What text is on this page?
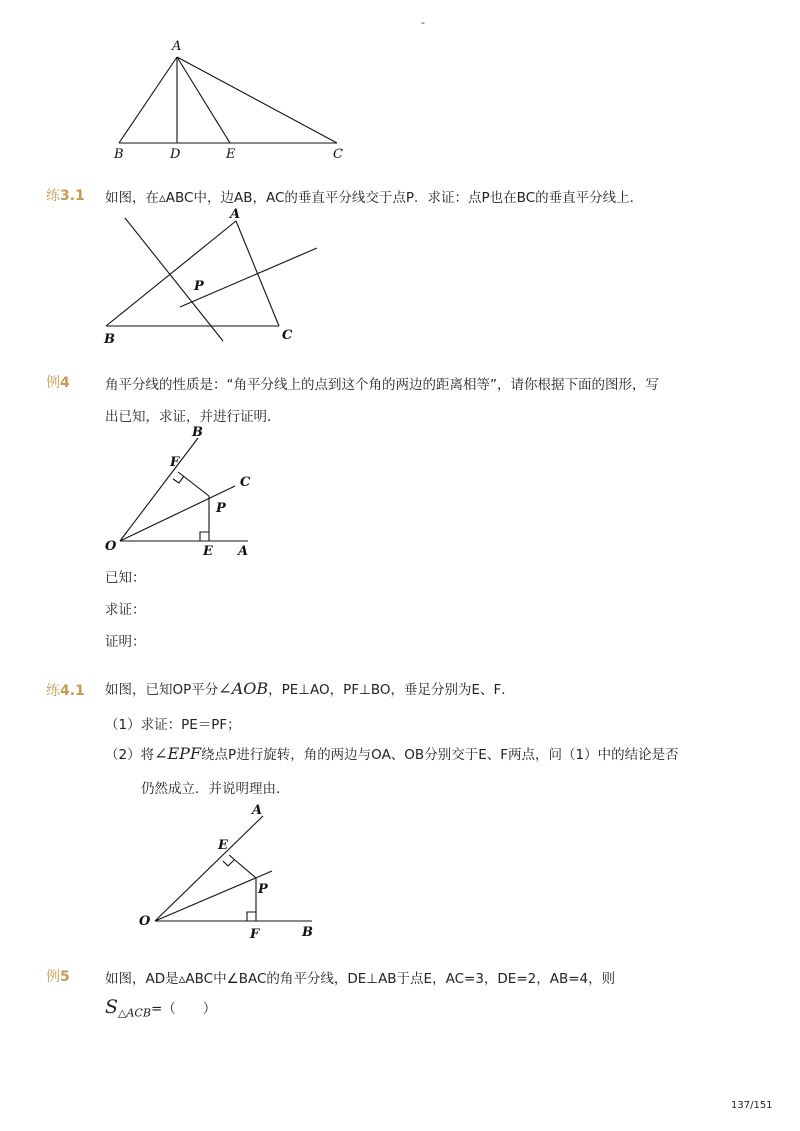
-
A
B	D	E	C
练3.1 如图，在▵ABC中，边AB，AC的垂直平分线交于点P．求证：点P也在BC的垂直平分线上．
A
P
B	C
例4	角平分线的性质是：“角平分线上的点到这个角的两边的距离相等”，请你根据下面的图形，写
出已知，求证，并进行证明．
B
F
C
P
O	E A
已知：
求证：
证明：
练4.1 如图，已知OP平分∠AOB，PE⊥AO，PF⊥BO，垂足分别为E、F．
（1）求证：PE＝PF；
（2）将∠EPF绕点P进行旋转，角的两边与OA、OB分别交于E、F两点，问（1）中的结论是否
仍然成立．并说明理由．
A
E
P
O
F	B
例5	如图，AD是▵ABC中∠BAC的角平分线，DE⊥AB于点E，AC=3，DE=2，AB=4，则
$S_{\triangle ACB}=$（　　）
137/151
